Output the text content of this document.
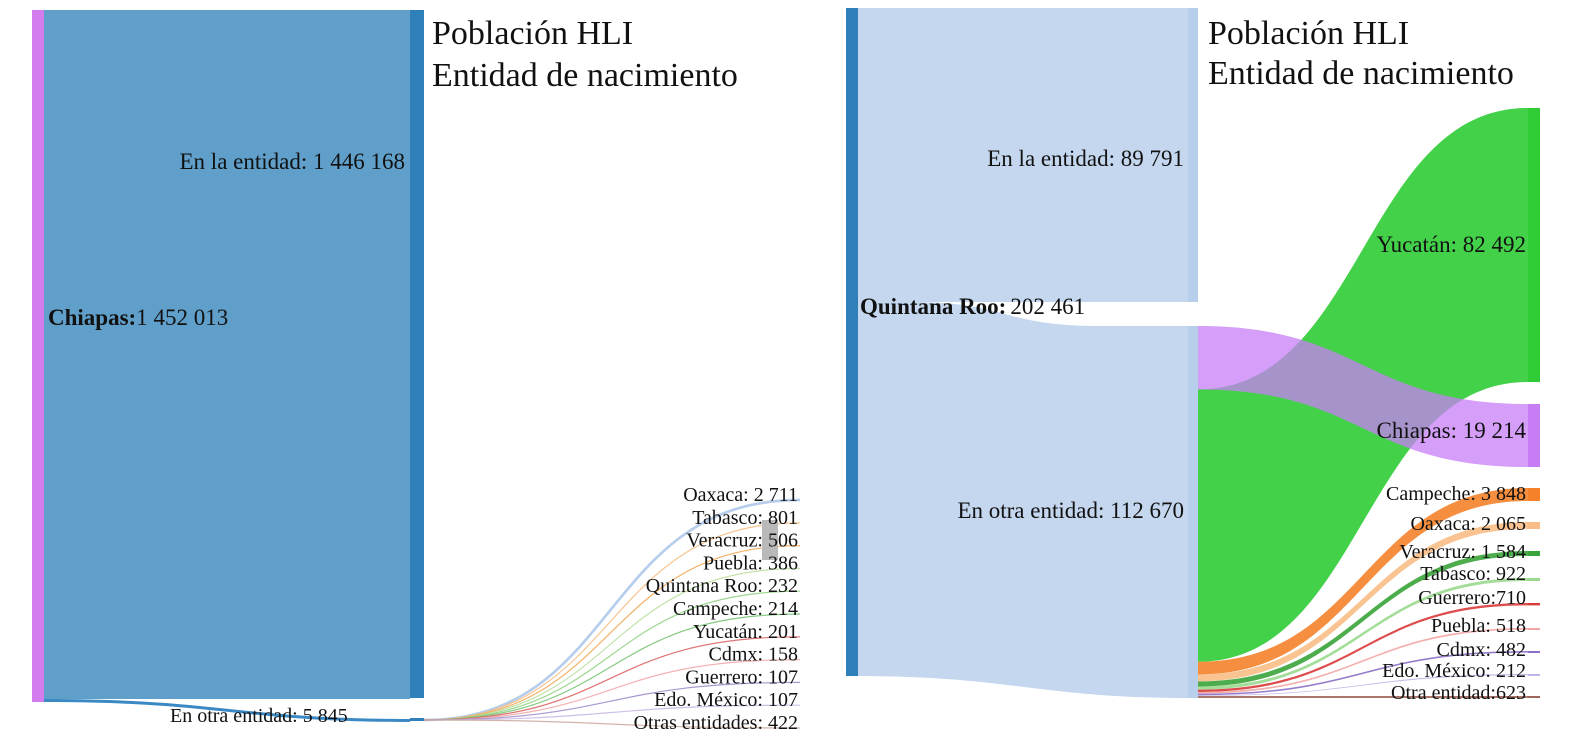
Oaxaca: 2 711
Tabasco: 801
Veracruz: 506
Puebla: 386
Quintana Roo: 232
Campeche: 214
Yucatán: 201
Cdmx: 158
Guerrero: 107
Edo. México: 107
Otras entidades: 422
Población HLI
Entidad de nacimiento
En la entidad: 1 446 168
Chiapas:1 452 013
En otra entidad: 5 845
Yucatán: 82 492
Chiapas: 19 214
Campeche: 3 848
Oaxaca: 2 065
Veracruz: 1 584
Tabasco: 922
Guerrero:710
Puebla: 518
Cdmx: 482
Edo. México: 212
Otra entidad:623
Población HLI
Entidad de nacimiento
En la entidad: 89 791
Quintana Roo: 202 461
En otra entidad: 112 670
